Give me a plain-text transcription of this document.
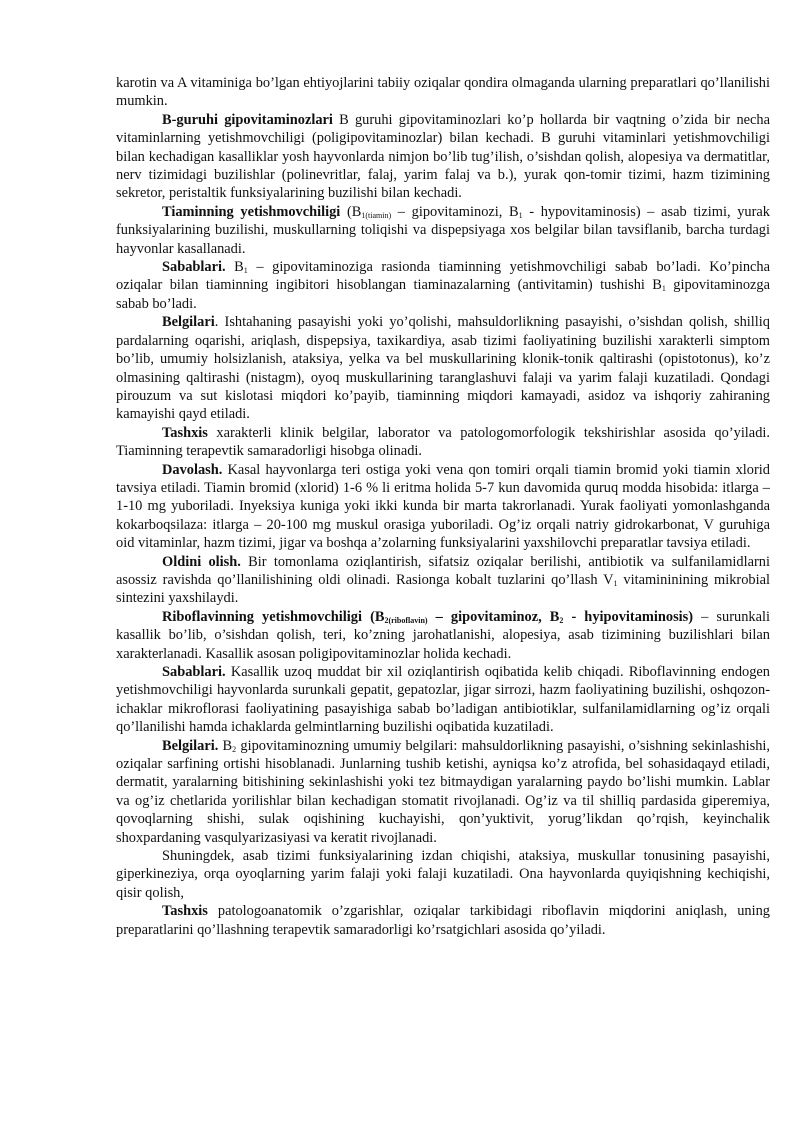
karotin va A vitaminiga bo’lgan ehtiyojlarini tabiiy oziqalar qondira olmaganda ularning preparatlari qo’llanilishi mumkin.

B-guruhi gipovitaminozlari B guruhi gipovitaminozlari ko’p hollarda bir vaqtning o’zida bir necha vitaminlarning yetishmovchiligi (poligipovitaminozlar) bilan kechadi. B guruhi vitaminlari yetishmovchiligi bilan kechadigan kasalliklar yosh hayvonlarda nimjon bo’lib tug’ilish, o’sishdan qolish, alopesiya va dermatitlar, nerv tizimidagi buzilishlar (polinevritlar, falaj, yarim falaj va b.), yurak qon-tomir tizimi, hazm tizimining sekretor, peristaltik funksiyalarining buzilishi bilan kechadi.

Tiaminning yetishmovchiligi ($B_{1(tiamin)}$ – gipovitaminozi, $B_1$ - hypovitaminosis) – asab tizimi, yurak funksiyalarining buzilishi, muskullarning toliqishi va dispepsiyaga xos belgilar bilan tavsiflanib, barcha turdagi hayvonlar kasallanadi.

Sabablari. $B_1$ – gipovitaminoziga rasionda tiaminning yetishmovchiligi sabab bo’ladi. Ko’pincha oziqalar bilan tiaminning ingibitori hisoblangan tiaminazalarning (antivitamin) tushishi $B_1$ gipovitaminozga sabab bo’ladi.

Belgilari. Ishtahaning pasayishi yoki yo’qolishi, mahsuldorlikning pasayishi, o’sishdan qolish, shilliq pardalarning oqarishi, ariqlash, dispepsiya, taxikardiya, asab tizimi faoliyatining buzilishi xarakterli simptom bo’lib, umumiy holsizlanish, ataksiya, yelka va bel muskullarining klonik-tonik qaltirashi (opistotonus), ko’z olmasining qaltirashi (nistagm), oyoq muskullarining taranglashuvi falaji va yarim falaji kuzatiladi. Qondagi pirouzum va sut kislotasi miqdori ko’payib, tiaminning miqdori kamayadi, asidoz va ishqoriy zahiraning kamayishi qayd etiladi.

Tashxis xarakterli klinik belgilar, laborator va patologomorfologik tekshirishlar asosida qo’yiladi. Tiaminning terapevtik samaradorligi hisobga olinadi.

Davolash. Kasal hayvonlarga teri ostiga yoki vena qon tomiri orqali tiamin bromid yoki tiamin xlorid tavsiya etiladi. Tiamin bromid (xlorid) 1-6 % li eritma holida 5-7 kun davomida quruq modda hisobida: itlarga –1-10 mg yuboriladi. Inyeksiya kuniga yoki ikki kunda bir marta takrorlanadi. Yurak faoliyati yomonlashganda kokarboqsilaza: itlarga – 20-100 mg muskul orasiga yuboriladi. Og’iz orqali natriy gidrokarbonat, V guruhiga oid vitaminlar, hazm tizimi, jigar va boshqa a’zolarning funksiyalarini yaxshilovchi preparatlar tavsiya etiladi.

Oldini olish. Bir tomonlama oziqlantirish, sifatsiz oziqalar berilishi, antibiotik va sulfanilamidlarni asossiz ravishda qo’llanilishining oldi olinadi. Rasionga kobalt tuzlarini qo’llash $V_1$ vitamininining mikrobial sintezini yaxshilaydi.

Riboflavinning yetishmovchiligi ($B_{2(riboflavin)}$ – gipovitaminoz, $B_2$ - hyipovitaminosis) – surunkali kasallik bo’lib, o’sishdan qolish, teri, ko’zning jarohatlanishi, alopesiya, asab tizimining buzilishlari bilan xarakterlanadi. Kasallik asosan poligipovitaminozlar holida kechadi.

Sabablari. Kasallik uzoq muddat bir xil oziqlantirish oqibatida kelib chiqadi. Riboflavinning endogen yetishmovchiligi hayvonlarda surunkali gepatit, gepatozlar, jigar sirrozi, hazm faoliyatining buzilishi, oshqozon-ichaklar mikroflorasi faoliyatining pasayishiga sabab bo’ladigan antibiotiklar, sulfanilamidlarning og’iz orqali qo’llanilishi hamda ichaklarda gelmintlarning buzilishi oqibatida kuzatiladi.

Belgilari. $B_2$ gipovitaminozning umumiy belgilari: mahsuldorlikning pasayishi, o’sishning sekinlashishi, oziqalar sarfining ortishi hisoblanadi. Junlarning tushib ketishi, ayniqsa ko’z atrofida, bel sohasidaqayd etiladi, dermatit, yaralarning bitishining sekinlashishi yoki tez bitmaydigan yaralarning paydo bo’lishi mumkin. Lablar va og’iz chetlarida yorilishlar bilan kechadigan stomatit rivojlanadi. Og’iz va til shilliq pardasida giperemiya, qovoqlarning shishi, sulak oqishining kuchayishi, qon’yuktivit, yorug’likdan qo’rqish, keyinchalik shoxpardaning vasqulyarizasiyasi va keratit rivojlanadi.

Shuningdek, asab tizimi funksiyalarining izdan chiqishi, ataksiya, muskullar tonusining pasayishi, giperkineziya, orqa oyoqlarning yarim falaji yoki falaji kuzatiladi. Ona hayvonlarda quyiqishning kechiqishi, qisir qolish,

Tashxis patologoanatomik o’zgarishlar, oziqalar tarkibidagi riboflavin miqdorini aniqlash, uning preparatlarini qo’llashning terapevtik samaradorligi ko’rsatgichlari asosida qo’yiladi.
